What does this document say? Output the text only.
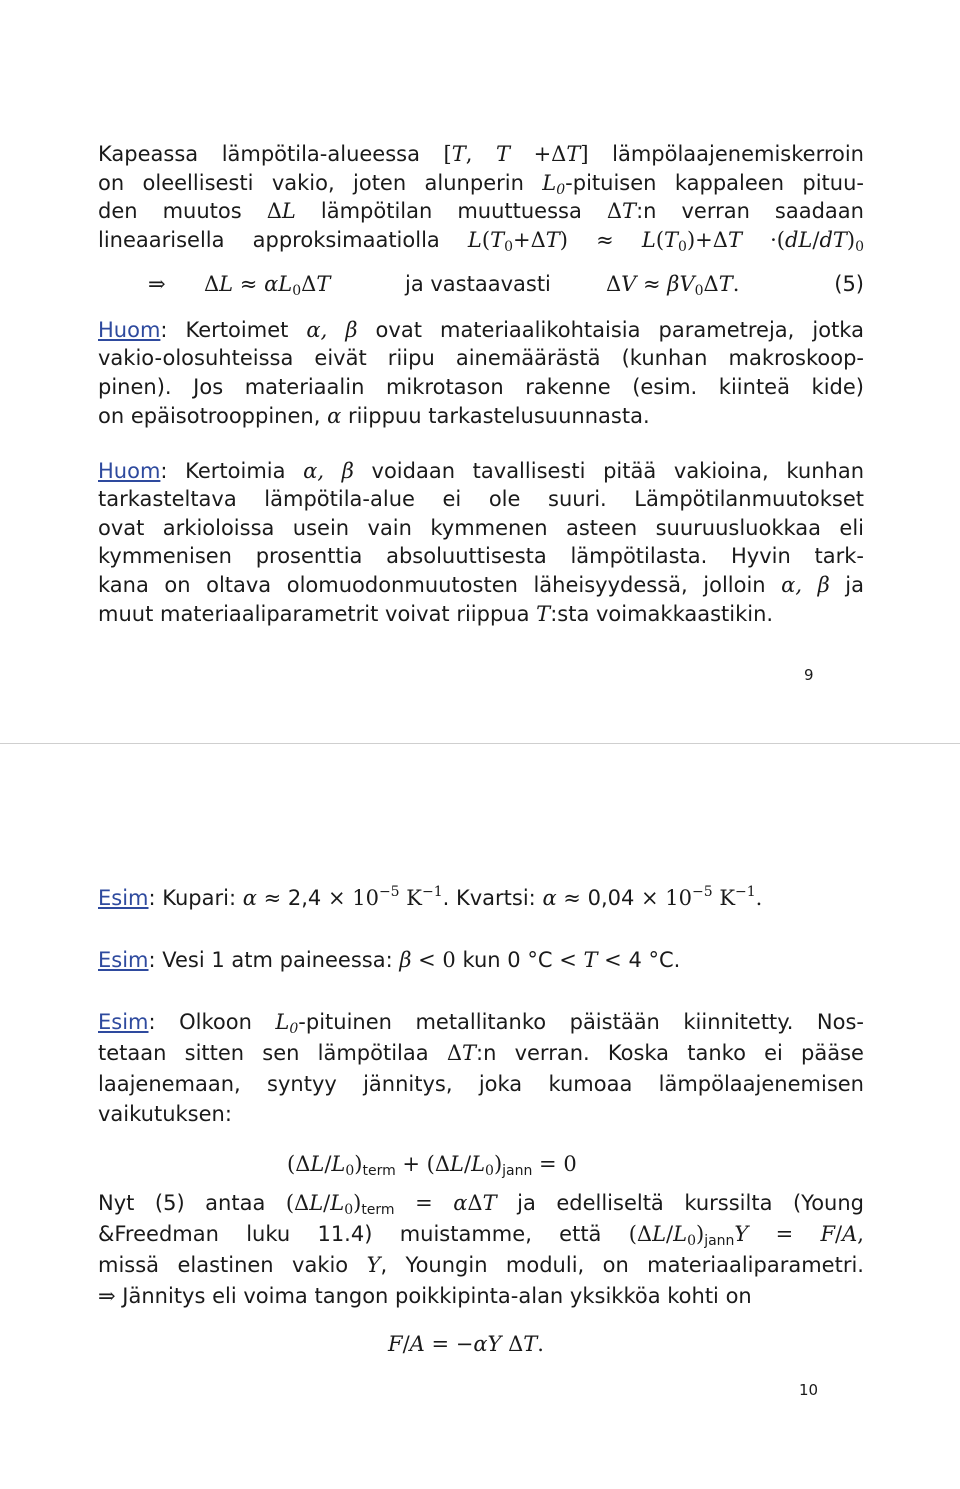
Kapeassa lämpötila-alueessa [T, T +ΔT] lämpölaajenemiskerroin
on oleellisesti vakio, joten alunperin $L_0$-pituisen kappaleen pituu-
den muutos ΔL lämpötilan muuttuessa ΔT:n verran saadaan
lineaarisella approksimaatiolla $L(T_0+\Delta T) \approx L(T_0)+\Delta T \cdot(dL/dT)_0$
⇒ $\Delta L \approx \alpha L_0\Delta T$	ja vastaavasti	$\Delta V \approx \beta V_0\Delta T$.	(5)
Huom: Kertoimet α, β ovat materiaalikohtaisia parametreja, jotka
vakio-olosuhteissa eivät riipu ainemäärästä (kunhan makroskoop-
pinen). Jos materiaalin mikrotason rakenne (esim. kiinteä kide)
on epäisotrooppinen, α riippuu tarkastelusuunnasta.
Huom: Kertoimia α, β voidaan tavallisesti pitää vakioina, kunhan
tarkasteltava lämpötila-alue ei ole suuri. Lämpötilanmuutokset
ovat arkioloissa usein vain kymmenen asteen suuruusluokkaa eli
kymmenisen prosenttia absoluuttisesta lämpötilasta. Hyvin tark-
kana on oltava olomuodonmuutosten läheisyydessä, jolloin α, β ja
muut materiaaliparametrit voivat riippua T:sta voimakkaastikin.
9
Esim: Kupari: $\alpha \approx 2,4 \times 10^{-5}$ $K^{-1}$. Kvartsi: $\alpha \approx 0,04 \times 10^{-5}$ $K^{-1}$.
Esim: Vesi 1 atm paineessa: β < 0 kun 0 °C < T < 4 °C.
Esim: Olkoon $L_0$-pituinen metallitanko päistään kiinnitetty. Nos-
tetaan sitten sen lämpötilaa ΔT:n verran. Koska tanko ei pääse
laajenemaan, syntyy jännitys, joka kumoaa lämpölaajenemisen
vaikutuksen:
$(\Delta L/L_0)_{term} + (\Delta L/L_0)_{jann} = 0$
Nyt (5) antaa $(\Delta L/L_0)_{term} = \alpha\Delta T$ ja edelliseltä kurssilta (Young
&Freedman luku 11.4) muistamme, että $(\Delta L/L_0)_{jann}Y = F/A$,
missä elastinen vakio Y, Youngin moduli, on materiaaliparametri.
⇒ Jännitys eli voima tangon poikkipinta-alan yksikköa kohti on
F/A = −αY ΔT.
10
